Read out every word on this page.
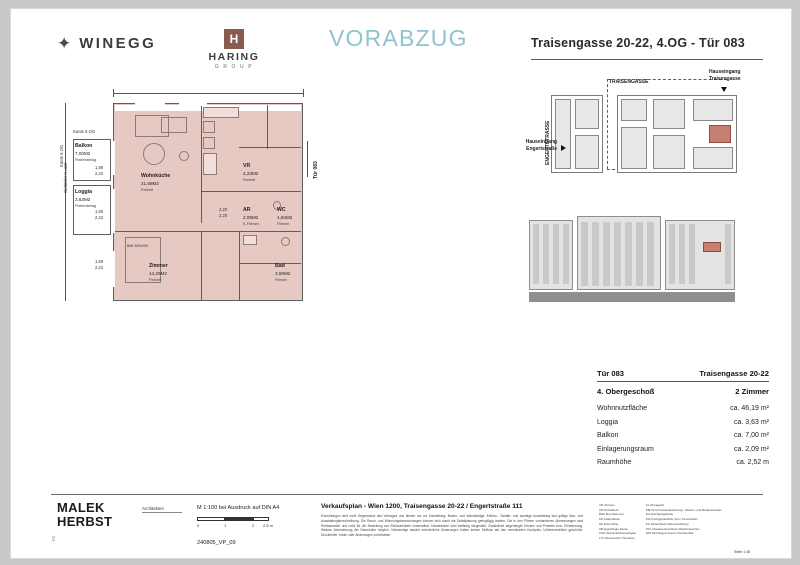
✦ WINEGG	H
HARING
G R O U P
VORABZUG	Traisengasse 20-22, 4.OG - Tür 083
Geländer H=110
Balkon
7,00M2
Plattenbelag
Loggia
3,63M2
Plattenbelag
Kante 5.OG
Kante 5.OG
1,80
2,22
1,80
2,22
1,80
2,22
Bett 180x200
Wohnküche
21,68M2
Parkett
Zimmer
14,29M2
Parkett
VR
4,23M2
Parkett
AR
2,09M2
E-Fliesen
WC
1,84M2
Fliesen
Bad
3,69M2
Fliesen
Tür 083
2,20
2,20
TRAISENGASSE
ENGERTSTRASSE
Hauseingang
Traisengasse
Hauseingang
Engertstraße
Tür 083	Traisengasse 20-22
4. Obergeschoß	2 Zimmer
Wohnnutzfläche	ca. 46,19 m²
Loggia	ca. 3,63 m²
Balkon	ca. 7,00 m²
Einlagerungsraum	ca. 2,09 m²
Raumhöhe	ca. 2,52 m
MALEK
HERBST
Architekten	M 1:100 bei Ausdruck auf DIN A4
0	1	2 2,5 m
240805_VP_09
Verkaufsplan - Wien 1200, Traisengasse 20-22 / Engertstraße 111
Einrichtungen sind nicht Gegenstand des Vertrages und dienen nur zur Darstellung. Boden- und Wandbeläge, Elektro-, Sanitär- und sonstige Ausstattung laut gültige Bau- und Ausstattungsbeschreibung. Die Raum- und Wohnungsbezeichnungen können sich durch die Detailplanung geringfügig ändern. Die in den Plänen vorhandenen Abmessungen sind Rohbaumaße und nicht für die Bestellung von Einbaumöbeln verwendbar. Haustrassen sind beiläufig dargestellt. Zusätzliche abgehängte Decken und Poterien bzw. Einbetonung. Weitere Abminderung der Raumhöhe möglich. Notwendige baulich erforderliche Änderungen haben keinen Einfluss auf den vereinbarten Kaufpreis. Urheberrechtlich geschützt. Druckfehler, Irrtum oder Änderungen vorbehalten.
VR Vorraum
AR Abstellraum
BHK Brennkammer
KR Kellerabteile
RH Raumhöhe
AB abgehängte Decke
KSG Verbundsicherheitsglas
LS Lüfterschacht (Terrasse)
KL Klimagerät
FBH E-M Fussbodenheizung - Elektro- und Medienverteiler
DU Durchgangslichte
FFH Fertigparkettöhe (cbm Turschwelle)
KG Hinterlüftete Abdunstzulüfung
OKL Abwasseranschluss Waschmaschine
WM Nt/J Regenrinnenhr Nonüberlauf
Seite 1 45
FC
